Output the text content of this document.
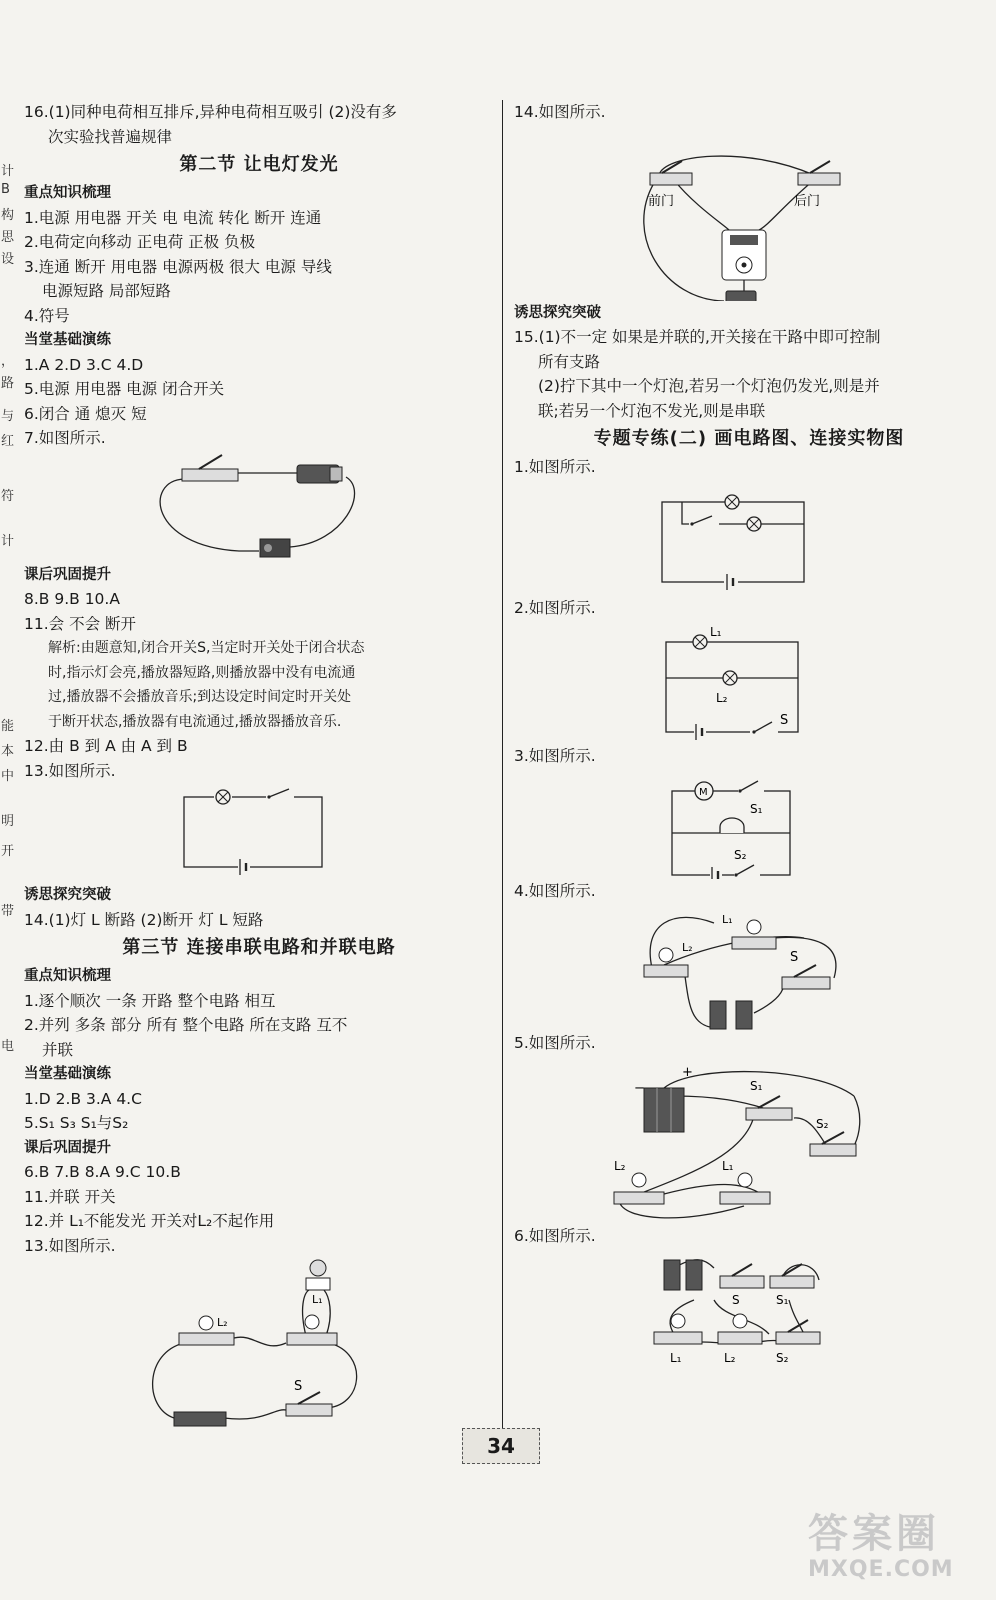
计
B
构
思
设
，
路
与
红
符
计
能
本
中
明
开
带
电
16.(1)同种电荷相互排斥,异种电荷相互吸引 (2)没有多
次实验找普遍规律
第二节 让电灯发光
重点知识梳理
1.电源 用电器 开关 电 电流 转化 断开 连通
2.电荷定向移动 正电荷 正极 负极
3.连通 断开 用电器 电源两极 很大 电源 导线
电源短路 局部短路
4.符号
当堂基础演练
1.A 2.D 3.C 4.D
5.电源 用电器 电源 闭合开关
6.闭合 通 熄灭 短
7.如图所示.
课后巩固提升
8.B 9.B 10.A
11.会 不会 断开
解析:由题意知,闭合开关S,当定时开关处于闭合状态
时,指示灯会亮,播放器短路,则播放器中没有电流通
过,播放器不会播放音乐;到达设定时间定时开关处
于断开状态,播放器有电流通过,播放器播放音乐.
12.由 B 到 A 由 A 到 B
13.如图所示.
诱思探究突破
14.(1)灯 L 断路 (2)断开 灯 L 短路
第三节 连接串联电路和并联电路
重点知识梳理
1.逐个顺次 一条 开路 整个电路 相互
2.并列 多条 部分 所有 整个电路 所在支路 互不
并联
当堂基础演练
1.D 2.B 3.A 4.C
5.S₁ S₃ S₁与S₂
课后巩固提升
6.B 7.B 8.A 9.C 10.B
11.并联 开关
12.并 L₁不能发光 开关对L₂不起作用
13.如图所示.
L₂
L₁
S
14.如图所示.
前门	后门
诱思探究突破
15.(1)不一定 如果是并联的,开关接在干路中即可控制
所有支路
(2)拧下其中一个灯泡,若另一个灯泡仍发光,则是并
联;若另一个灯泡不发光,则是串联
专题专练(二) 画电路图、连接实物图
1.如图所示.
2.如图所示.
L₁
L₂
S
3.如图所示.
M
S₁
S₂
4.如图所示.
L₂
L₁
S
5.如图所示.
+
−	S₁
S₂
L₂	L₁
6.如图所示.
S	S₁
L₁	L₂	S₂
34
答案圈
MXQE.COM
